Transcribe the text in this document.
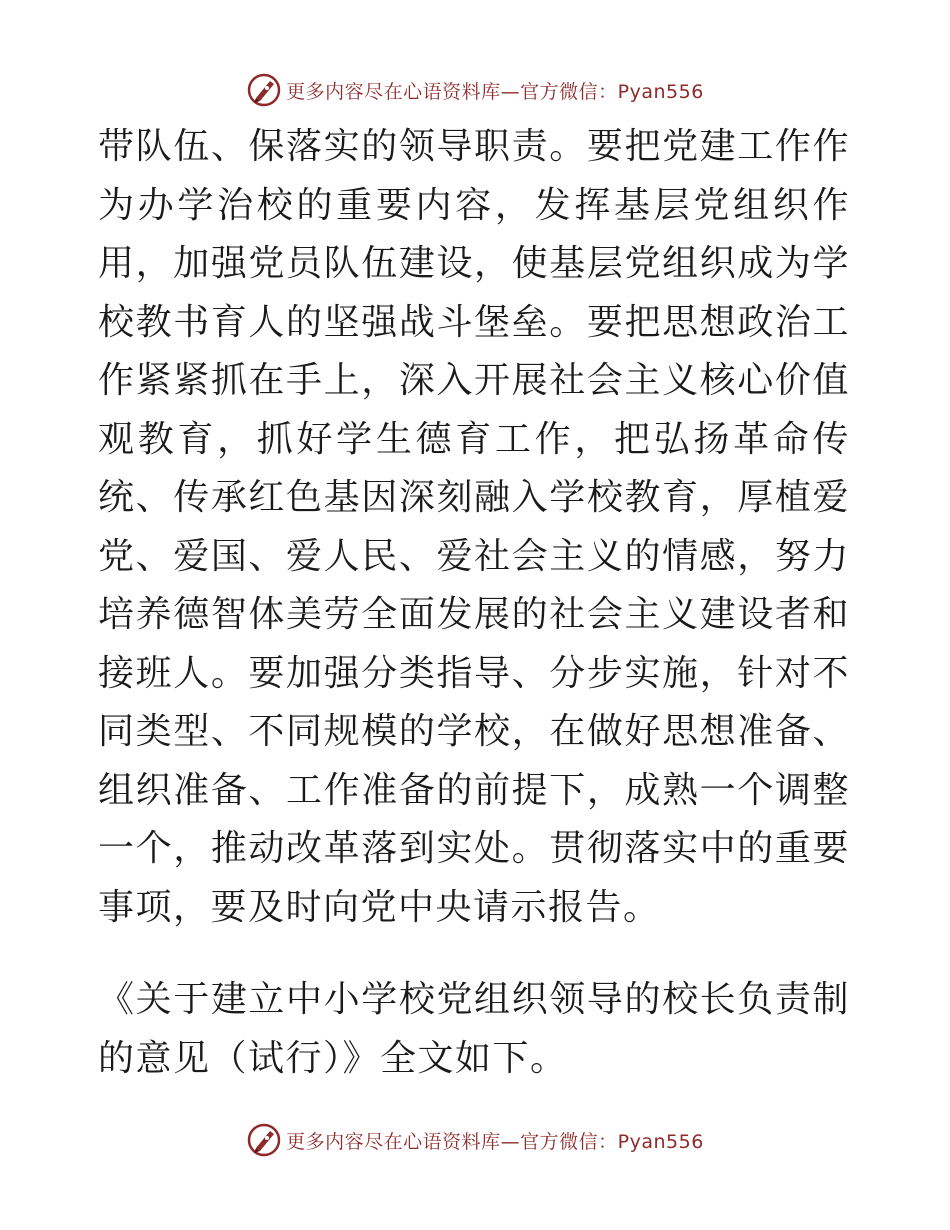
更多内容尽在心语资料库—官方微信：Pyan556

带队伍、保落实的领导职责。要把党建工作作为办学治校的重要内容，发挥基层党组织作用，加强党员队伍建设，使基层党组织成为学校教书育人的坚强战斗堡垒。要把思想政治工作紧紧抓在手上，深入开展社会主义核心价值观教育，抓好学生德育工作，把弘扬革命传统、传承红色基因深刻融入学校教育，厚植爱党、爱国、爱人民、爱社会主义的情感，努力培养德智体美劳全面发展的社会主义建设者和接班人。要加强分类指导、分步实施，针对不同类型、不同规模的学校，在做好思想准备、组织准备、工作准备的前提下，成熟一个调整一个，推动改革落到实处。贯彻落实中的重要事项，要及时向党中央请示报告。

《关于建立中小学校党组织领导的校长负责制的意见（试行）》全文如下。

更多内容尽在心语资料库—官方微信：Pyan556
